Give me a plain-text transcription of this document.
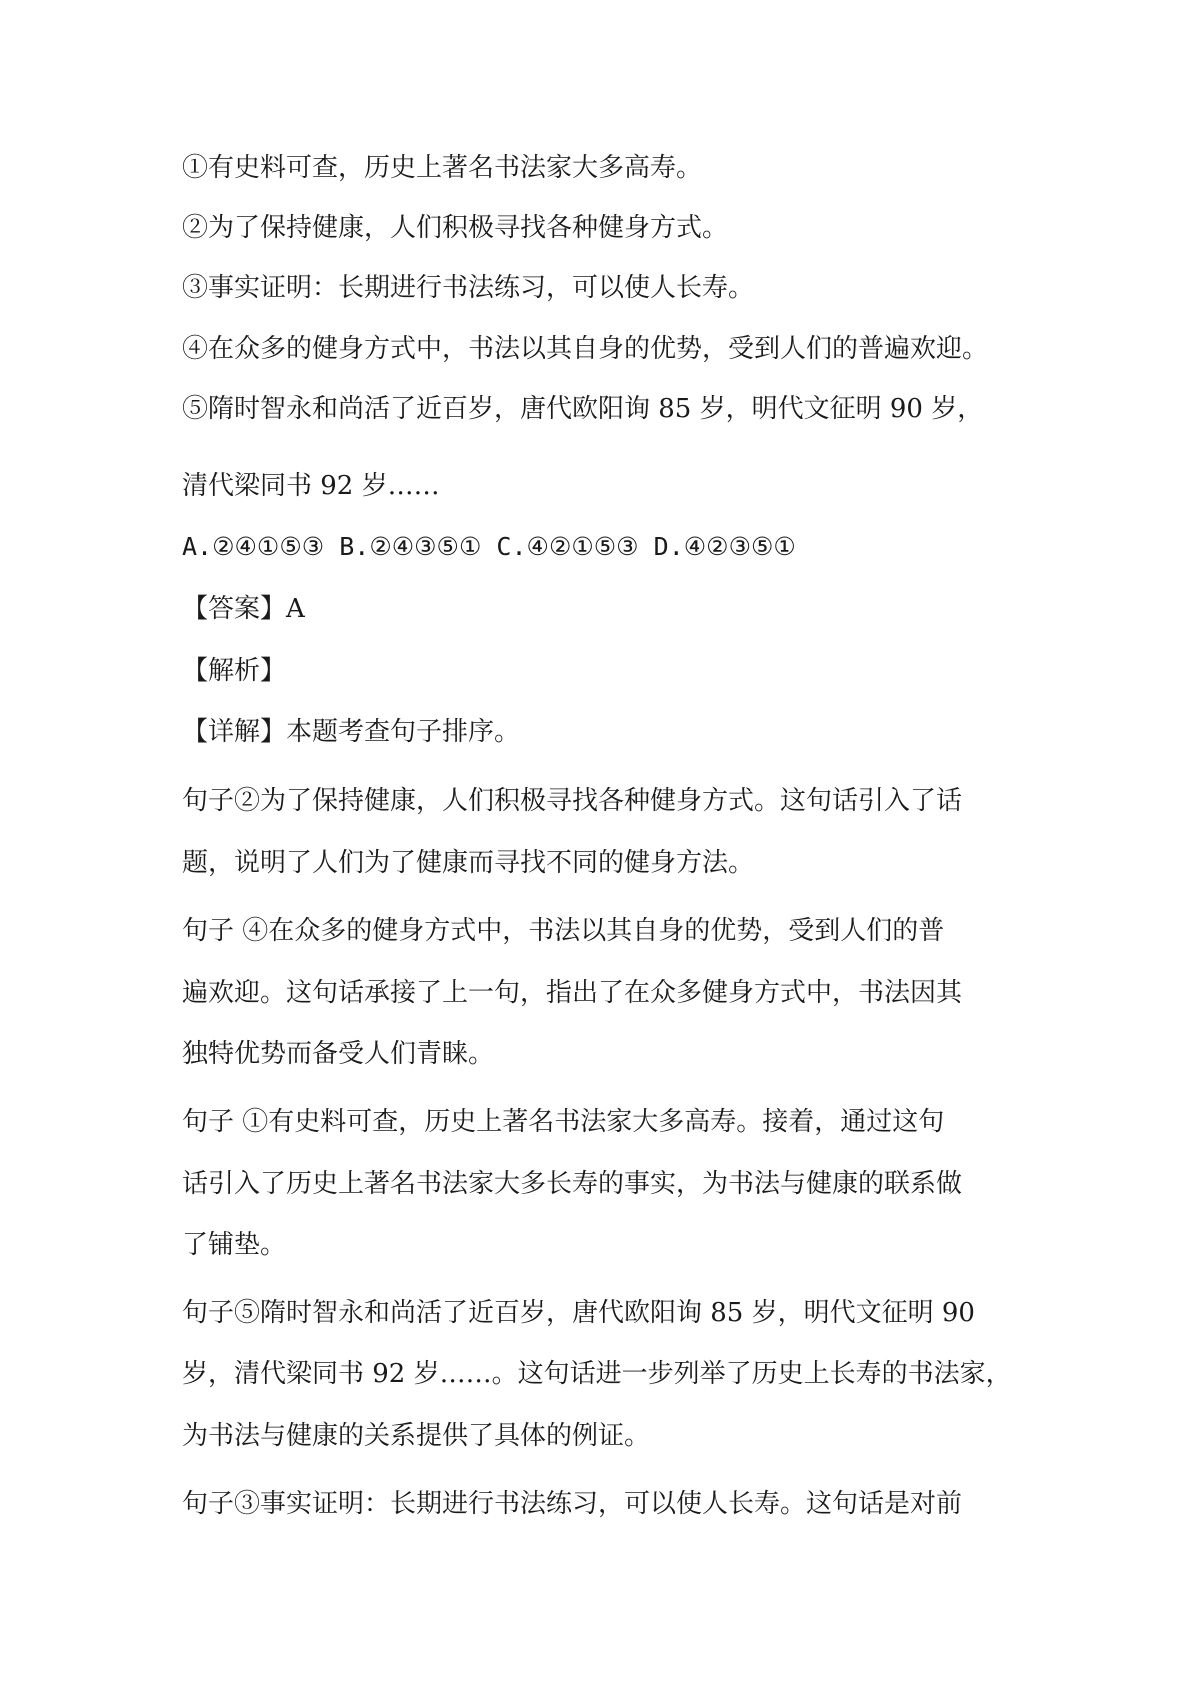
①有史料可查，历史上著名书法家大多高寿。
②为了保持健康，人们积极寻找各种健身方式。
③事实证明：长期进行书法练习，可以使人长寿。
④在众多的健身方式中，书法以其自身的优势，受到人们的普遍欢迎。
⑤隋时智永和尚活了近百岁，唐代欧阳询 85 岁，明代文征明 90 岁，
清代梁同书 92 岁……
A.②④①⑤③ B.②④③⑤① C.④②①⑤③ D.④②③⑤①
【答案】A
【解析】
【详解】本题考查句子排序。
句子②为了保持健康，人们积极寻找各种健身方式。这句话引入了话
题，说明了人们为了健康而寻找不同的健身方法。
句子 ④在众多的健身方式中，书法以其自身的优势，受到人们的普
遍欢迎。这句话承接了上一句，指出了在众多健身方式中，书法因其
独特优势而备受人们青睐。
句子 ①有史料可查，历史上著名书法家大多高寿。接着，通过这句
话引入了历史上著名书法家大多长寿的事实，为书法与健康的联系做
了铺垫。
句子⑤隋时智永和尚活了近百岁，唐代欧阳询 85 岁，明代文征明 90
岁，清代梁同书 92 岁……。这句话进一步列举了历史上长寿的书法家，
为书法与健康的关系提供了具体的例证。
句子③事实证明：长期进行书法练习，可以使人长寿。这句话是对前
